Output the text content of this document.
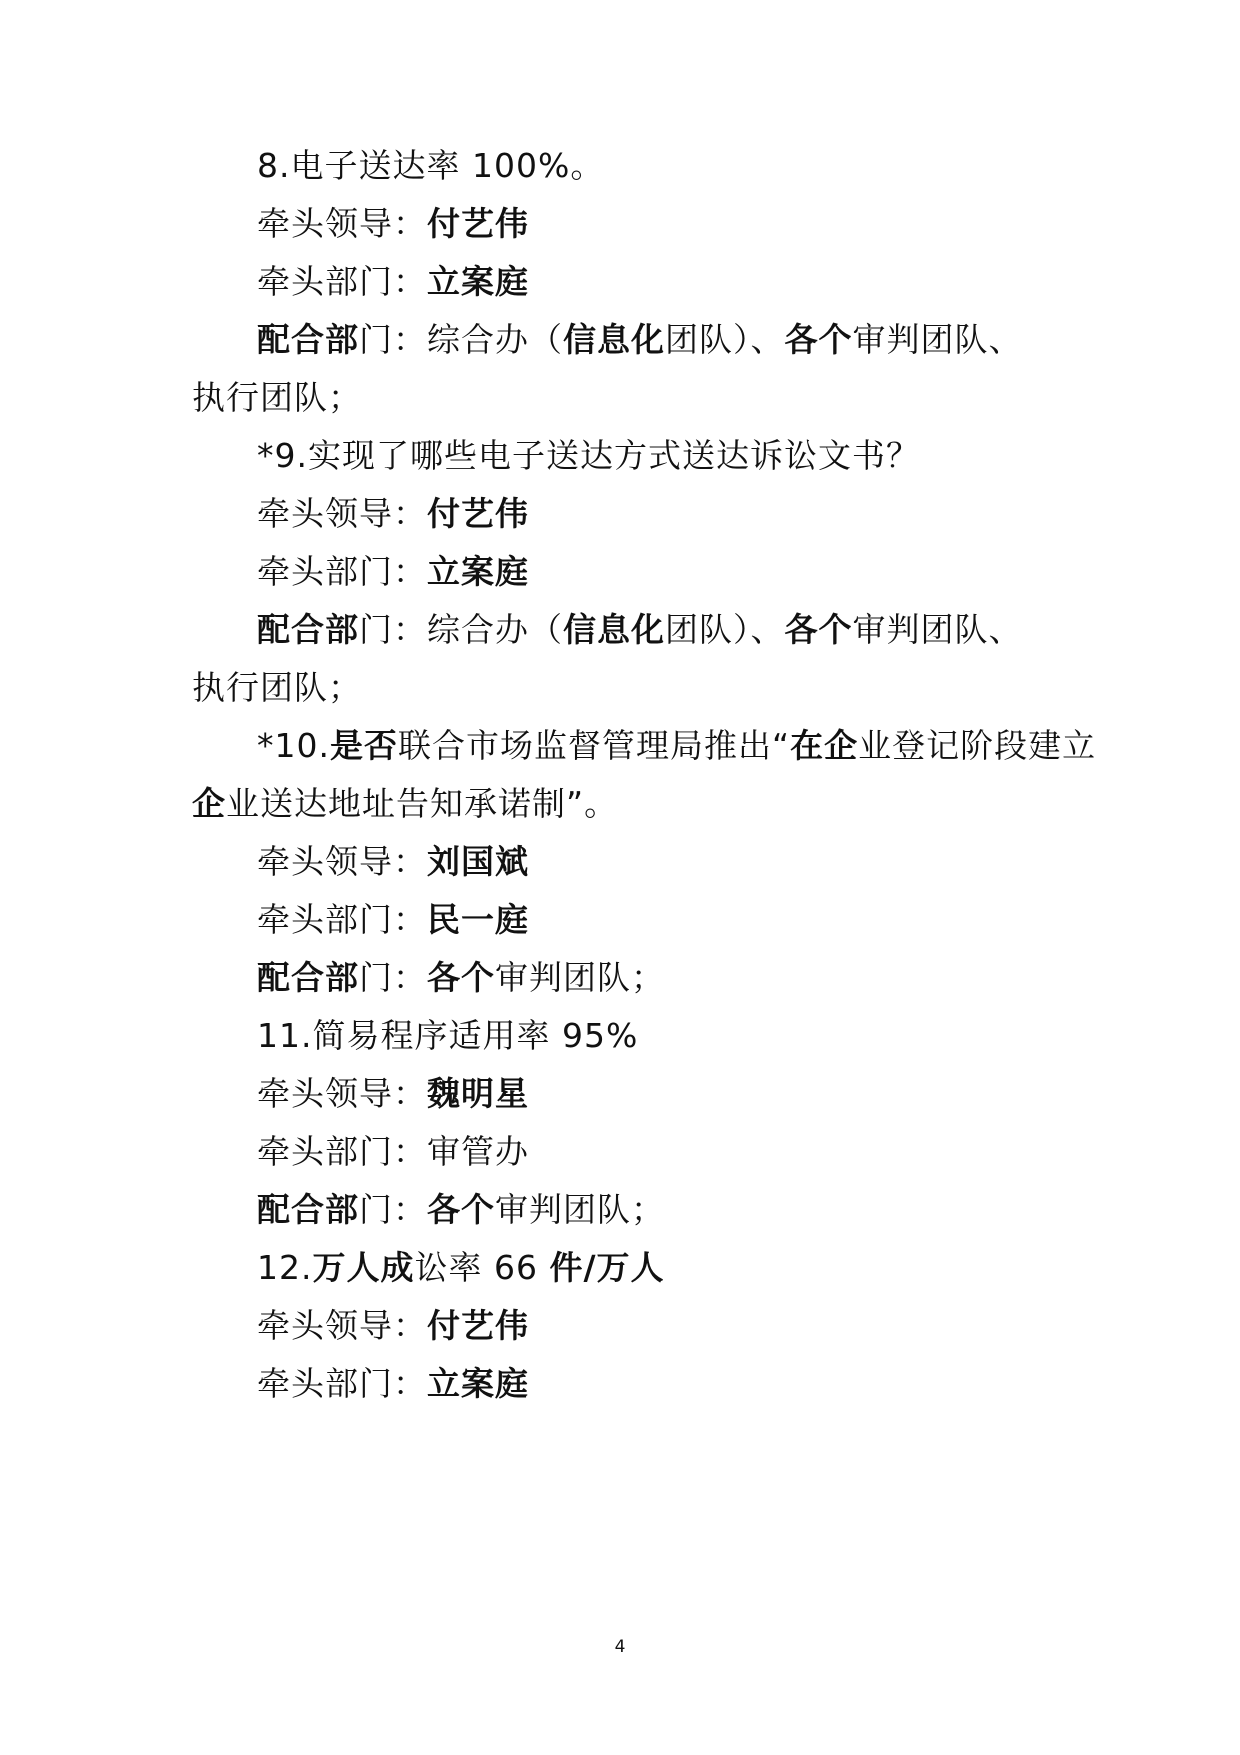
8.电子送达率 100%。
牵头领导：付艺伟
牵头部门：立案庭
配合部门：综合办（信息化团队）、各个审判团队、
执行团队；
*9.实现了哪些电子送达方式送达诉讼文书？
牵头领导：付艺伟
牵头部门：立案庭
配合部门：综合办（信息化团队）、各个审判团队、
执行团队；
*10.是否联合市场监督管理局推出“在企业登记阶段建立
企业送达地址告知承诺制”。
牵头领导：刘国斌
牵头部门：民一庭
配合部门：各个审判团队；
11.简易程序适用率 95%
牵头领导：魏明星
牵头部门：审管办
配合部门：各个审判团队；
12.万人成讼率 66 件/万人
牵头领导：付艺伟
牵头部门：立案庭
4
